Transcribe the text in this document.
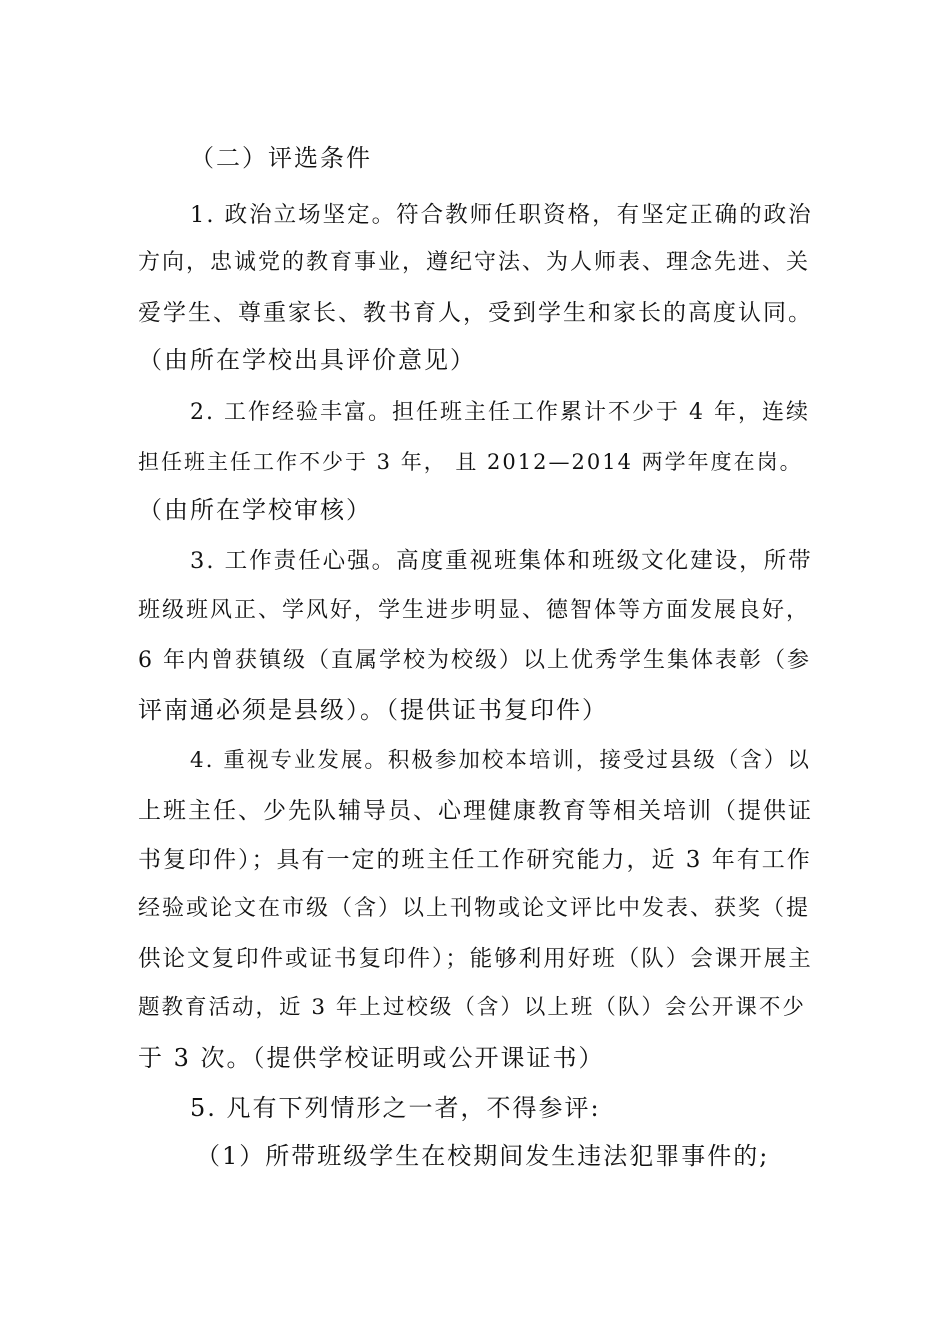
（二）评选条件
1. 政治立场坚定。符合教师任职资格，有坚定正确的政治
方向，忠诚党的教育事业，遵纪守法、为人师表、理念先进、关
爱学生、尊重家长、教书育人，受到学生和家长的高度认同。
（由所在学校出具评价意见）
2. 工作经验丰富。担任班主任工作累计不少于 4 年，连续
担任班主任工作不少于 3 年， 且 2012—2014 两学年度在岗。
（由所在学校审核）
3. 工作责任心强。高度重视班集体和班级文化建设，所带
班级班风正、学风好，学生进步明显、德智体等方面发展良好，
6 年内曾获镇级（直属学校为校级）以上优秀学生集体表彰（参
评南通必须是县级）。（提供证书复印件）
4. 重视专业发展。积极参加校本培训，接受过县级（含）以
上班主任、少先队辅导员、心理健康教育等相关培训（提供证
书复印件）；具有一定的班主任工作研究能力，近 3 年有工作
经验或论文在市级（含）以上刊物或论文评比中发表、获奖（提
供论文复印件或证书复印件）；能够利用好班（队）会课开展主
题教育活动，近 3 年上过校级（含）以上班（队）会公开课不少
于 3 次。（提供学校证明或公开课证书）
5. 凡有下列情形之一者，不得参评:
（1）所带班级学生在校期间发生违法犯罪事件的;
